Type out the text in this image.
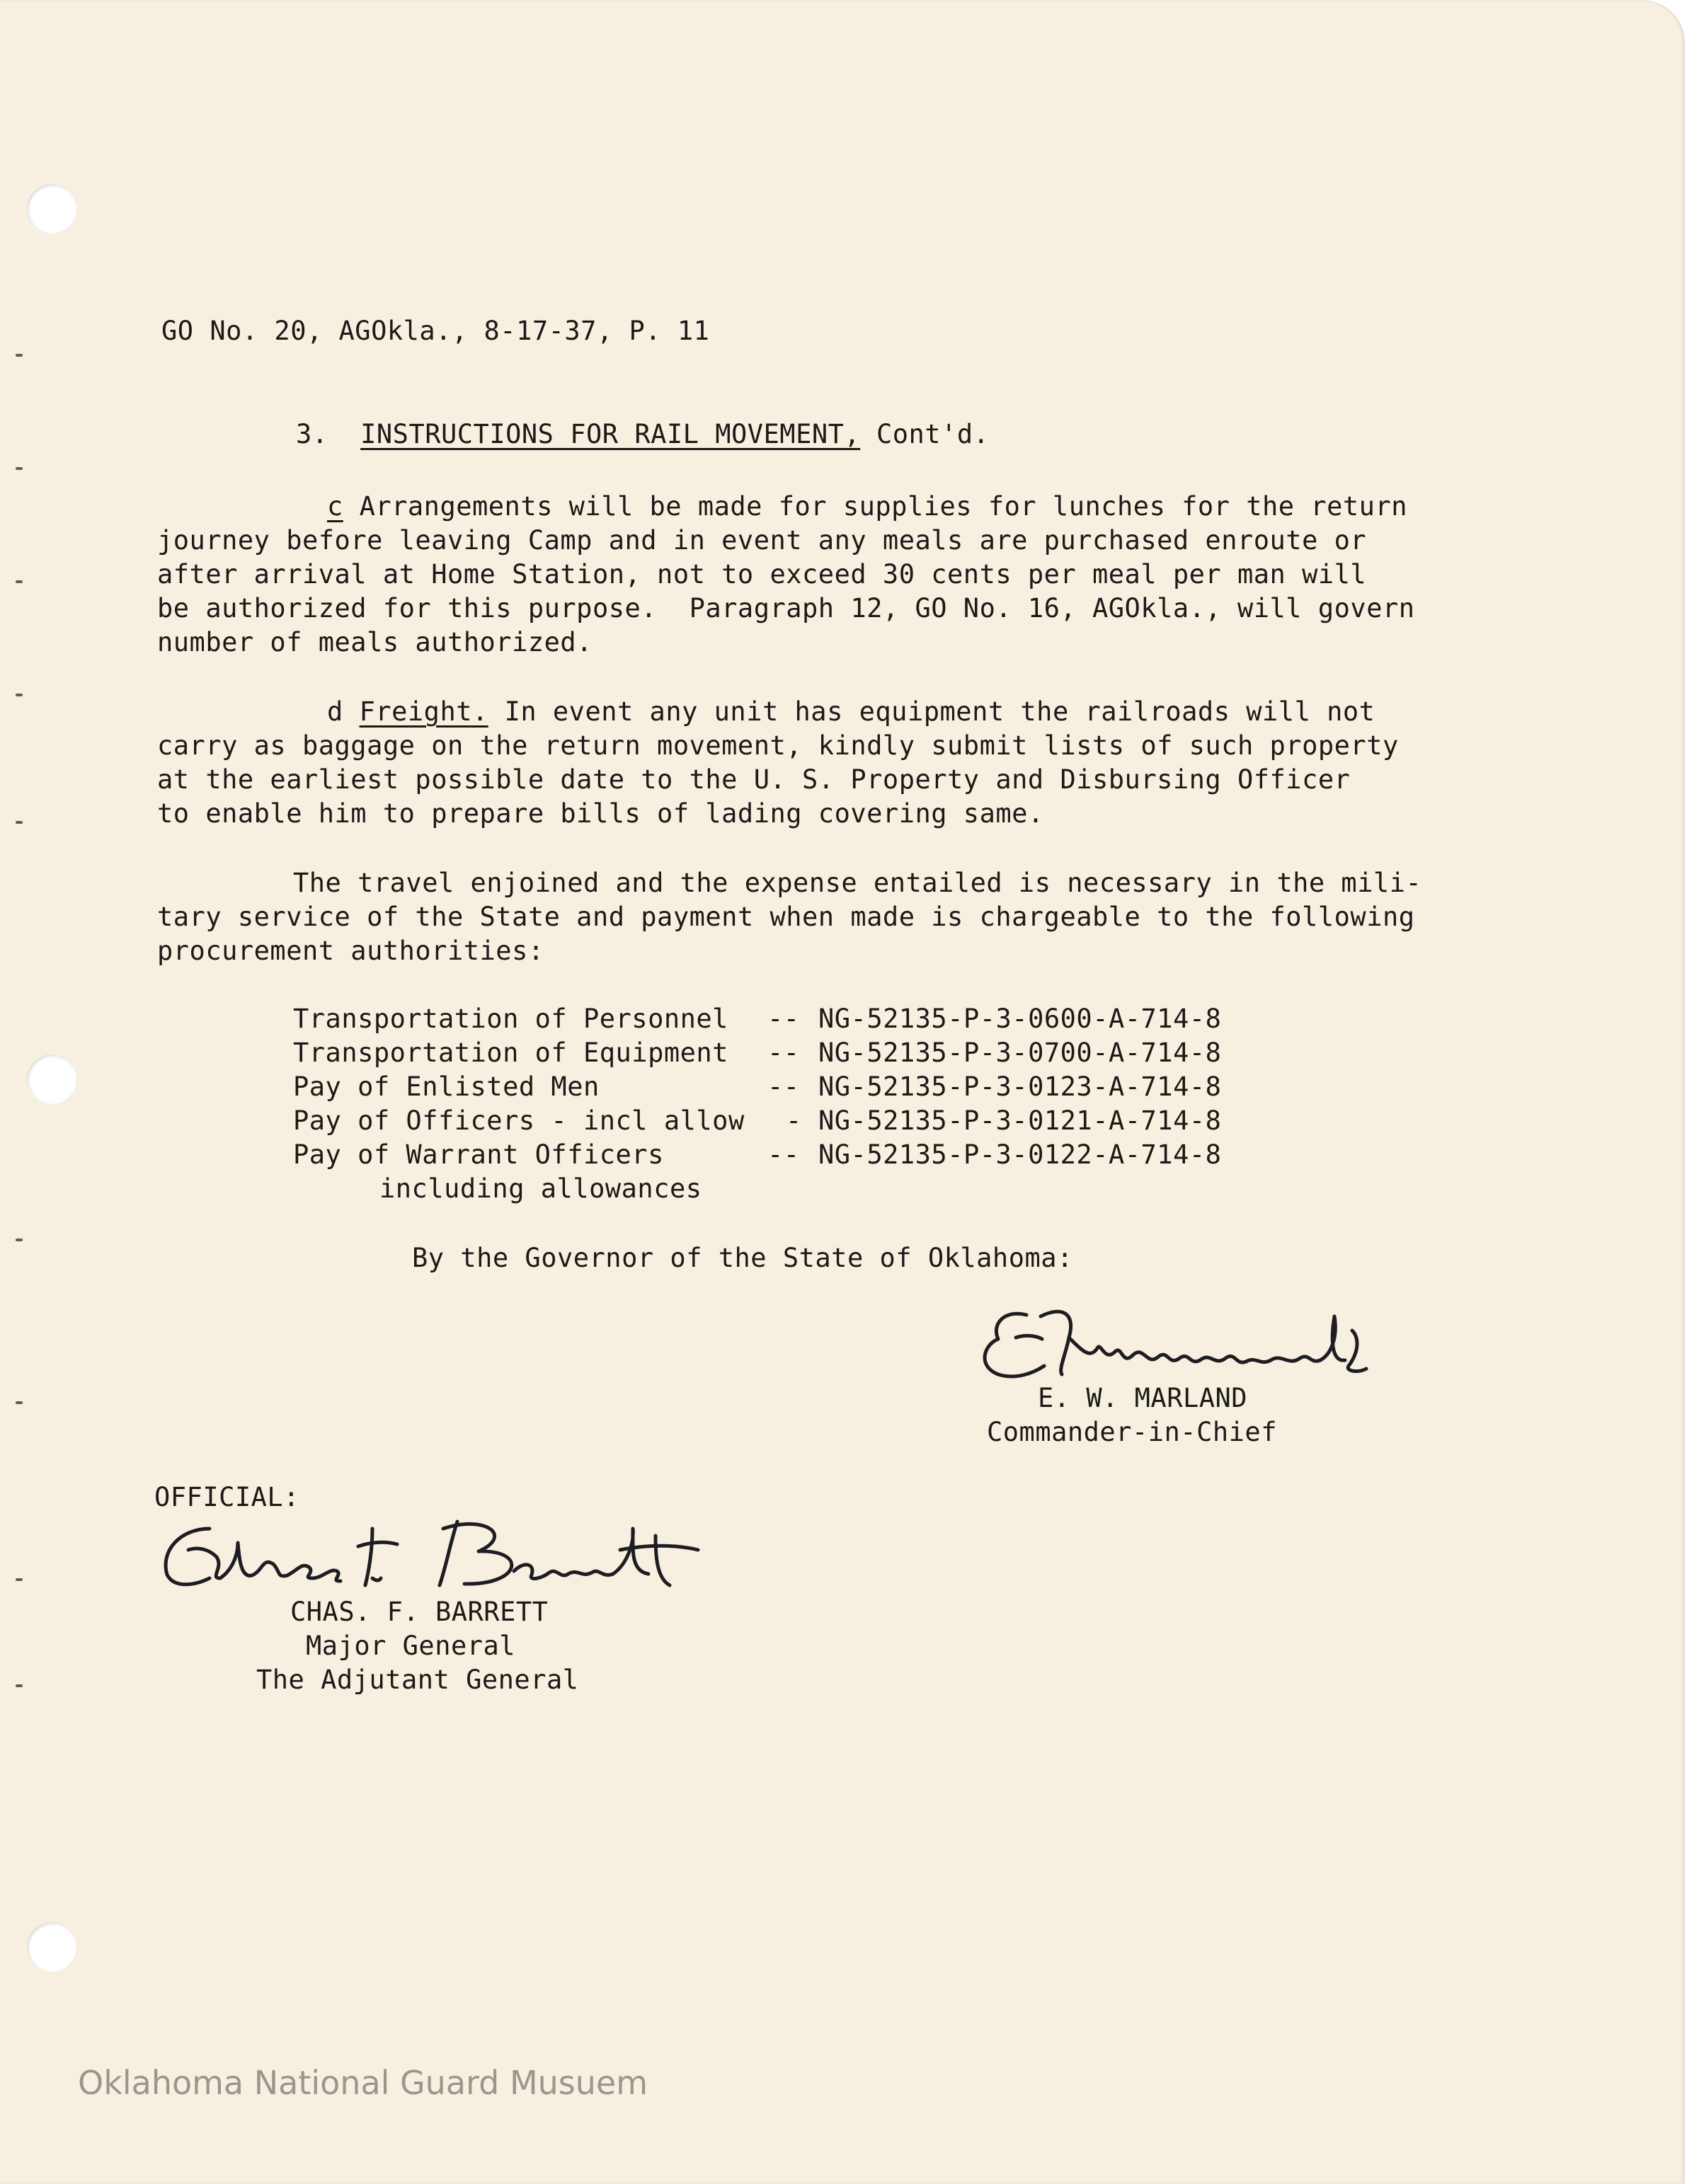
GO No. 20, AGOkla., 8-17-37, P. 11
3. INSTRUCTIONS FOR RAIL MOVEMENT, Cont'd.
c Arrangements will be made for supplies for lunches for the return
journey before leaving Camp and in event any meals are purchased enroute or
after arrival at Home Station, not to exceed 30 cents per meal per man will
be authorized for this purpose.  Paragraph 12, GO No. 16, AGOkla., will govern
number of meals authorized.
d Freight. In event any unit has equipment the railroads will not
carry as baggage on the return movement, kindly submit lists of such property
at the earliest possible date to the U. S. Property and Disbursing Officer
to enable him to prepare bills of lading covering same.
The travel enjoined and the expense entailed is necessary in the mili-
tary service of the State and payment when made is chargeable to the following
procurement authorities:
Transportation of Personnel -- NG-52135-P-3-0600-A-714-8
Transportation of Equipment -- NG-52135-P-3-0700-A-714-8
Pay of Enlisted Men	-- NG-52135-P-3-0123-A-714-8
Pay of Officers - incl allow - NG-52135-P-3-0121-A-714-8
Pay of Warrant Officers	-- NG-52135-P-3-0122-A-714-8
including allowances
By the Governor of the State of Oklahoma:
E. W. MARLAND
Commander-in-Chief
OFFICIAL:
CHAS. F. BARRETT
Major General
The Adjutant General
Oklahoma National Guard Musuem
